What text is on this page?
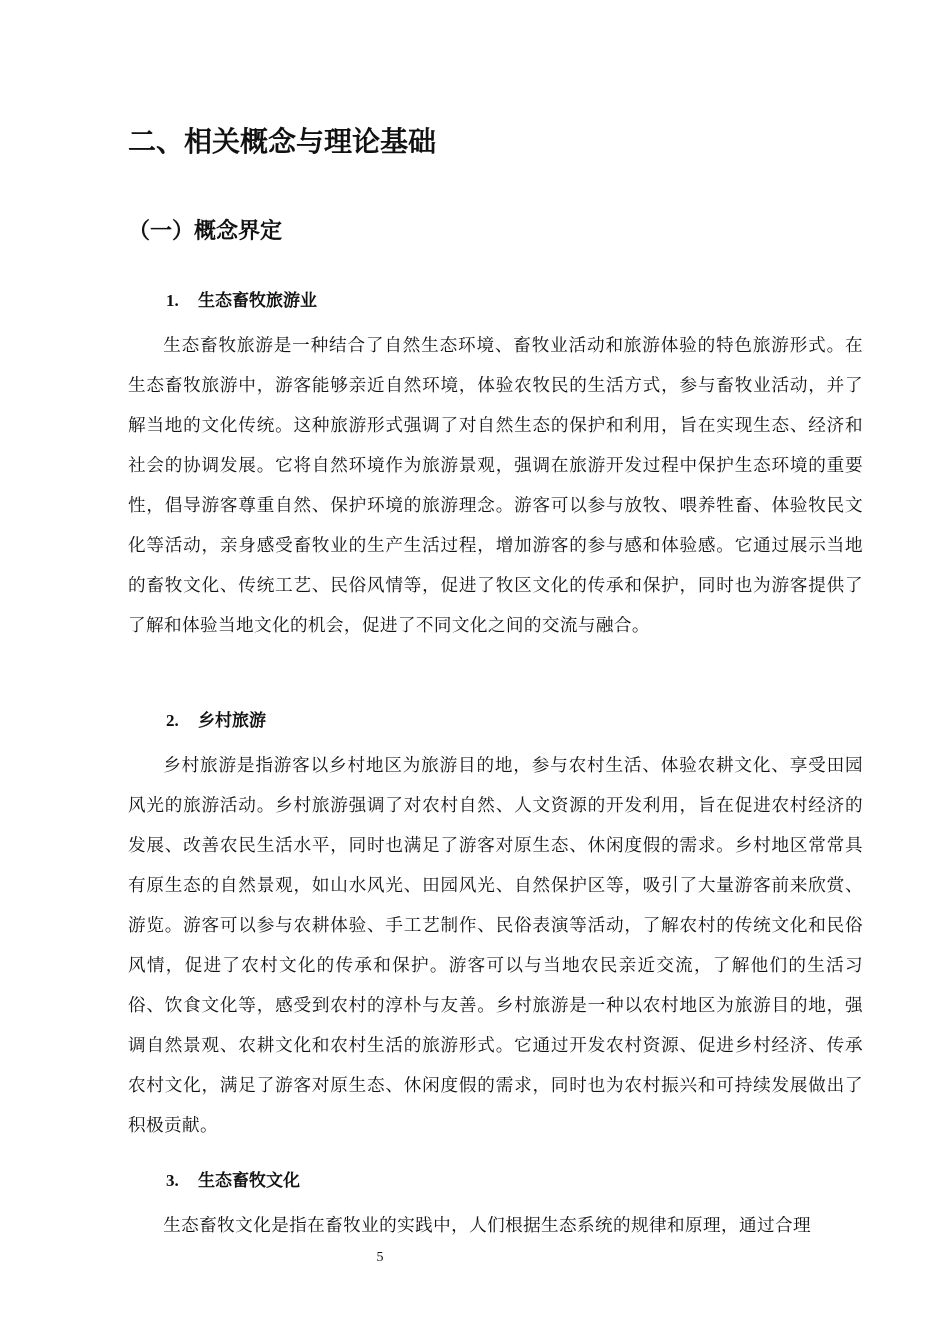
二、相关概念与理论基础
（一）概念界定
1. 生态畜牧旅游业

生态畜牧旅游是一种结合了自然生态环境、畜牧业活动和旅游体验的特色旅游形式。在生态畜牧旅游中，游客能够亲近自然环境，体验农牧民的生活方式，参与畜牧业活动，并了解当地的文化传统。这种旅游形式强调了对自然生态的保护和利用，旨在实现生态、经济和社会的协调发展。它将自然环境作为旅游景观，强调在旅游开发过程中保护生态环境的重要性，倡导游客尊重自然、保护环境的旅游理念。游客可以参与放牧、喂养牲畜、体验牧民文化等活动，亲身感受畜牧业的生产生活过程，增加游客的参与感和体验感。它通过展示当地的畜牧文化、传统工艺、民俗风情等，促进了牧区文化的传承和保护，同时也为游客提供了了解和体验当地文化的机会，促进了不同文化之间的交流与融合。

2. 乡村旅游

乡村旅游是指游客以乡村地区为旅游目的地，参与农村生活、体验农耕文化、享受田园风光的旅游活动。乡村旅游强调了对农村自然、人文资源的开发利用，旨在促进农村经济的发展、改善农民生活水平，同时也满足了游客对原生态、休闲度假的需求。乡村地区常常具有原生态的自然景观，如山水风光、田园风光、自然保护区等，吸引了大量游客前来欣赏、游览。游客可以参与农耕体验、手工艺制作、民俗表演等活动，了解农村的传统文化和民俗风情，促进了农村文化的传承和保护。游客可以与当地农民亲近交流，了解他们的生活习俗、饮食文化等，感受到农村的淳朴与友善。乡村旅游是一种以农村地区为旅游目的地，强调自然景观、农耕文化和农村生活的旅游形式。它通过开发农村资源、促进乡村经济、传承农村文化，满足了游客对原生态、休闲度假的需求，同时也为农村振兴和可持续发展做出了积极贡献。

3. 生态畜牧文化

生态畜牧文化是指在畜牧业的实践中，人们根据生态系统的规律和原理，通过合理

5
